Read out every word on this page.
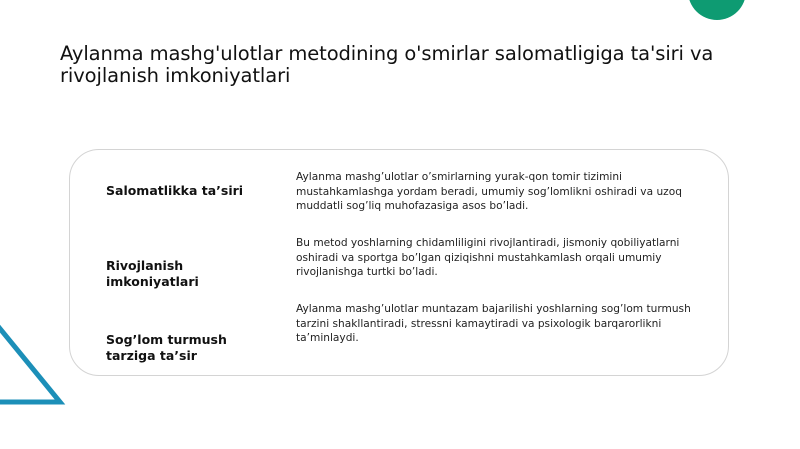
Aylanma mashg'ulotlar metodining o'smirlar salomatligiga ta'siri va rivojlanish imkoniyatlari
Salomatlikka ta’siri
Aylanma mashg’ulotlar o’smirlarning yurak-qon tomir tizimini mustahkamlashga yordam beradi, umumiy sog’lomlikni oshiradi va uzoq muddatli sog’liq muhofazasiga asos bo’ladi.
Rivojlanish imkoniyatlari
Bu metod yoshlarning chidamliligini rivojlantiradi, jismoniy qobiliyatlarni oshiradi va sportga bo’lgan qiziqishni mustahkamlash orqali umumiy rivojlanishga turtki bo’ladi.
Sog’lom turmush tarziga ta’sir
Aylanma mashg’ulotlar muntazam bajarilishi yoshlarning sog’lom turmush tarzini shakllantiradi, stressni kamaytiradi va psixologik barqarorlikni ta’minlaydi.
